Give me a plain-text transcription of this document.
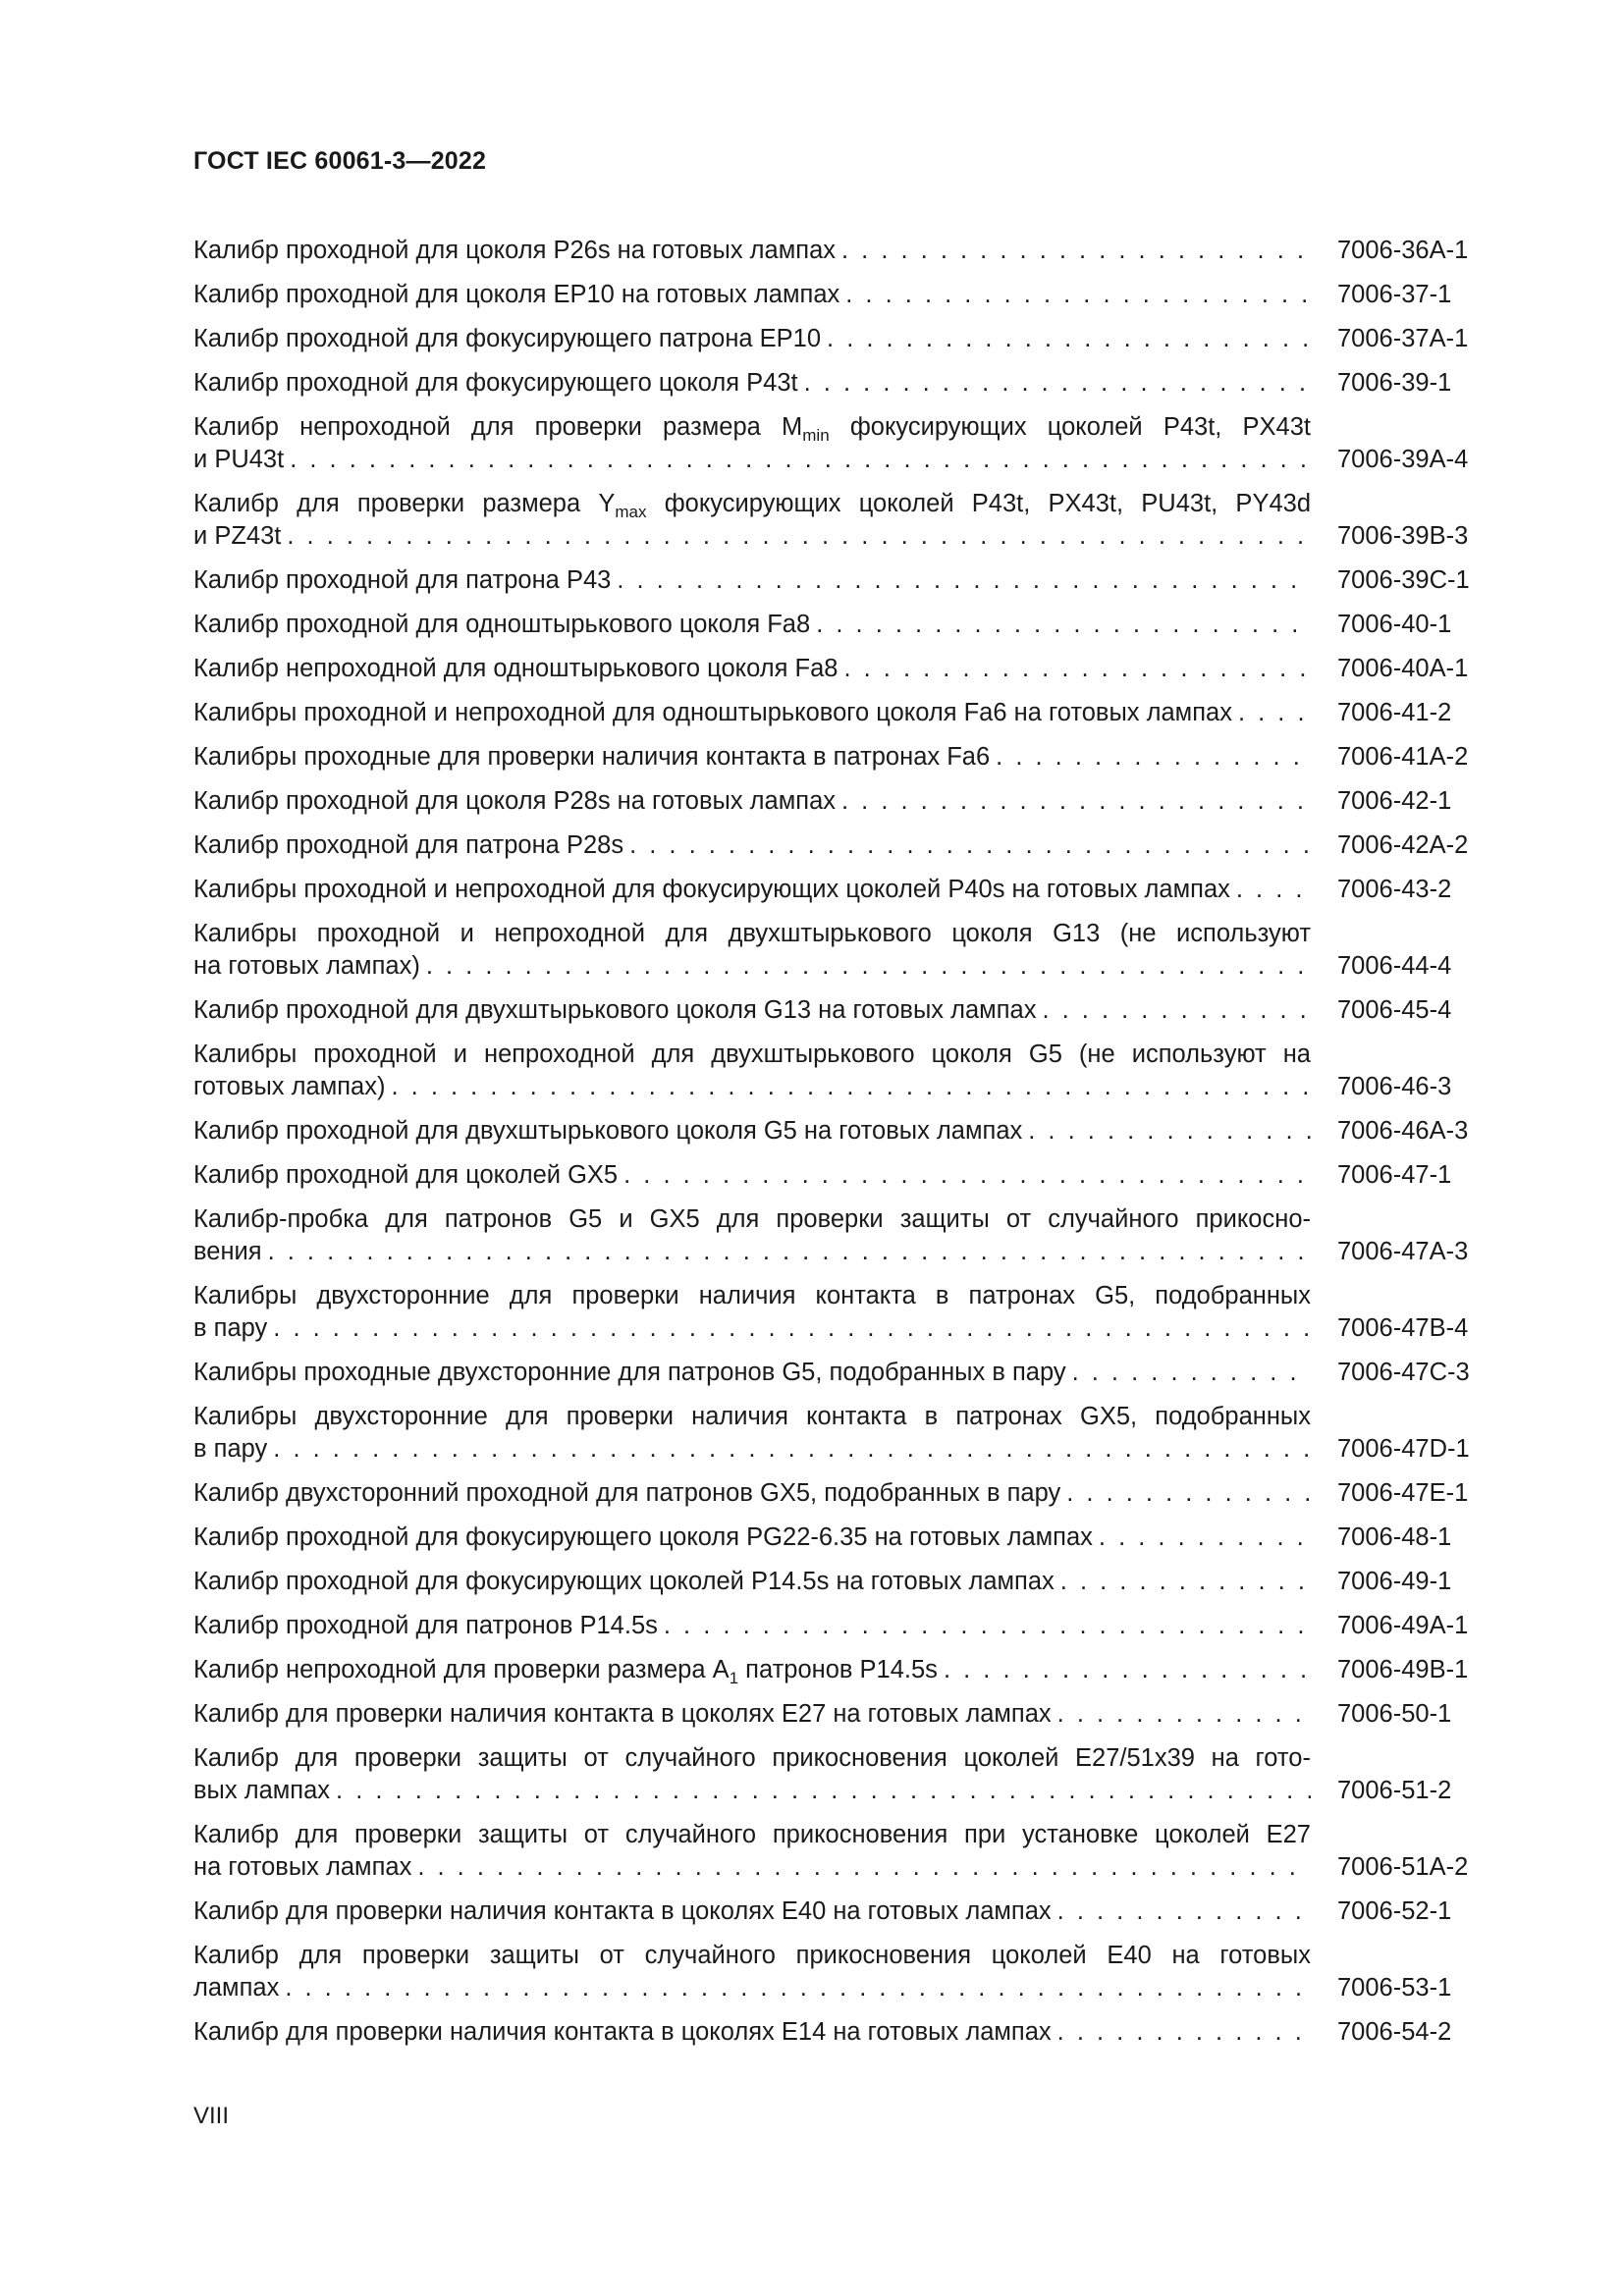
ГОСТ IEC 60061-3—2022
Калибр проходной для цоколя P26s на готовых лампах . . .	7006-36A-1
Калибр проходной для цоколя EP10 на готовых лампах . . .	7006-37-1
Калибр проходной для фокусирующего патрона EP10 . . .	7006-37A-1
Калибр проходной для фокусирующего цоколя P43t . . .	7006-39-1
Калибр непроходной для проверки размера $M_{min}$ фокусирующих цоколей P43t, PX43t
и PU43t . . .	7006-39A-4
Калибр для проверки размера $Y_{max}$ фокусирующих цоколей P43t, PX43t, PU43t, PY43d
и PZ43t . . .	7006-39B-3
Калибр проходной для патрона P43 . . .	7006-39C-1
Калибр проходной для одноштырькового цоколя Fa8 . . .	7006-40-1
Калибр непроходной для одноштырькового цоколя Fa8 . . .	7006-40A-1
Калибры проходной и непроходной для одноштырькового цоколя Fa6 на готовых лампах . . .	7006-41-2
Калибры проходные для проверки наличия контакта в патронах Fa6 . . .	7006-41A-2
Калибр проходной для цоколя P28s на готовых лампах . . .	7006-42-1
Калибр проходной для патрона P28s . . .	7006-42A-2
Калибры проходной и непроходной для фокусирующих цоколей P40s на готовых лампах . . .	7006-43-2
Калибры проходной и непроходной для двухштырькового цоколя G13 (не используют
на готовых лампах) . . .	7006-44-4
Калибр проходной для двухштырькового цоколя G13 на готовых лампах . . .	7006-45-4
Калибры проходной и непроходной для двухштырькового цоколя G5 (не используют на
готовых лампах) . . .	7006-46-3
Калибр проходной для двухштырькового цоколя G5 на готовых лампах . . .	7006-46A-3
Калибр проходной для цоколей GX5 . . .	7006-47-1
Калибр-пробка для патронов G5 и GX5 для проверки защиты от случайного прикосно-
вения . . .	7006-47A-3
Калибры двухсторонние для проверки наличия контакта в патронах G5, подобранных
в пару . . .	7006-47B-4
Калибры проходные двухсторонние для патронов G5, подобранных в пару . . .	7006-47C-3
Калибры двухсторонние для проверки наличия контакта в патронах GX5, подобранных
в пару . . .	7006-47D-1
Калибр двухсторонний проходной для патронов GX5, подобранных в пару . . .	7006-47E-1
Калибр проходной для фокусирующего цоколя PG22-6.35 на готовых лампах . . .	7006-48-1
Калибр проходной для фокусирующих цоколей P14.5s на готовых лампах . . .	7006-49-1
Калибр проходной для патронов P14.5s . . .	7006-49A-1
Калибр непроходной для проверки размера $A_1$ патронов P14.5s . . .	7006-49B-1
Калибр для проверки наличия контакта в цоколях E27 на готовых лампах . . .	7006-50-1
Калибр для проверки защиты от случайного прикосновения цоколей E27/51x39 на гото-
вых лампах . . .	7006-51-2
Калибр для проверки защиты от случайного прикосновения при установке цоколей E27
на готовых лампах . . .	7006-51A-2
Калибр для проверки наличия контакта в цоколях E40 на готовых лампах . . .	7006-52-1
Калибр для проверки защиты от случайного прикосновения цоколей E40 на готовых
лампах . . .	7006-53-1
Калибр для проверки наличия контакта в цоколях E14 на готовых лампах . . .	7006-54-2
VIII
